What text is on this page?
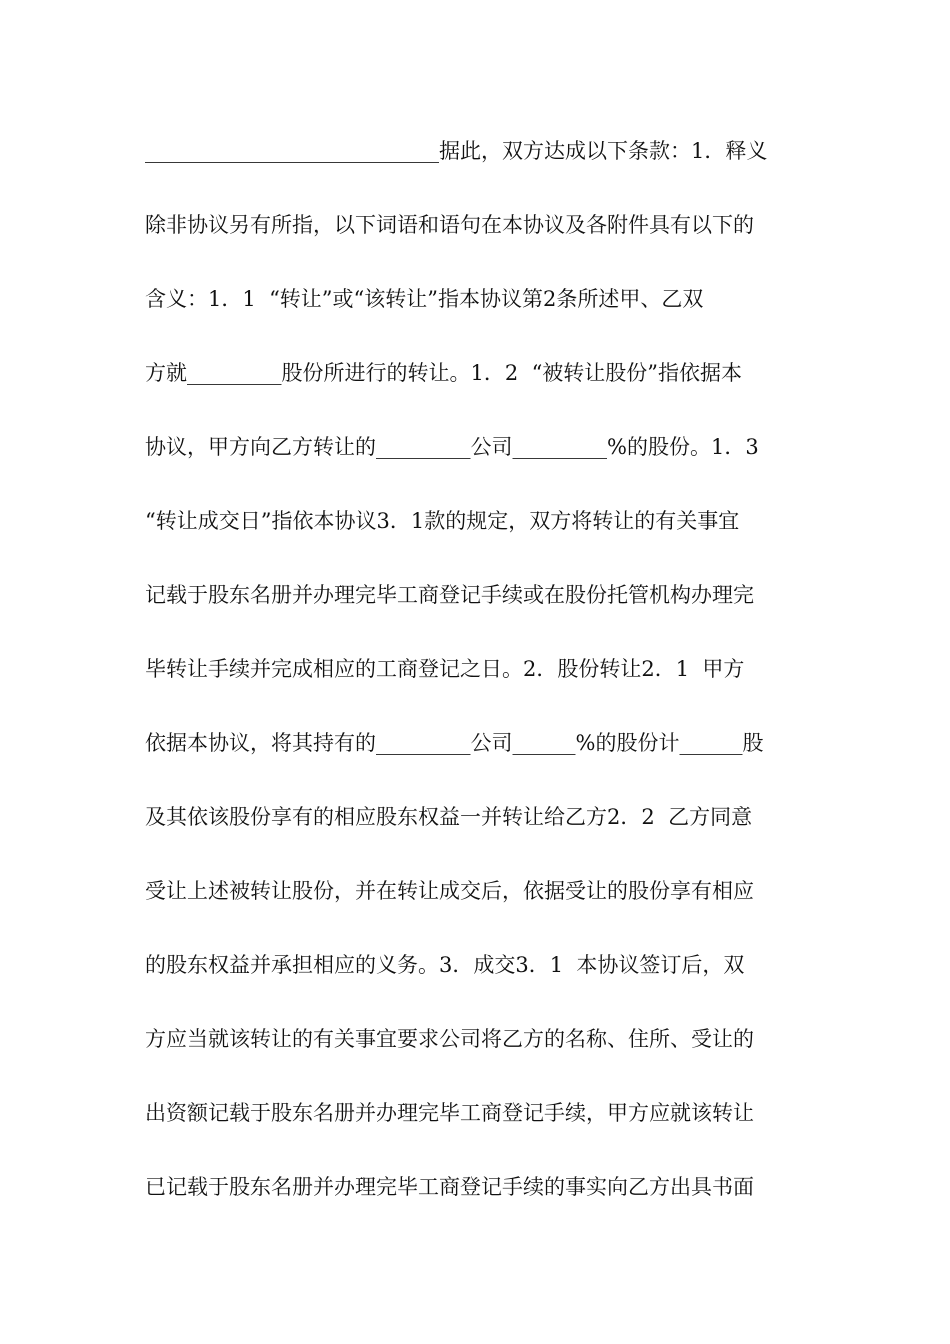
____________________________据此，双方达成以下条款：1．释义
除非协议另有所指，以下词语和语句在本协议及各附件具有以下的
含义：1．1  “转让”或“该转让”指本协议第2条所述甲、乙双
方就_________股份所进行的转让。1．2  “被转让股份”指依据本
协议，甲方向乙方转让的_________公司_________%的股份。1．3
“转让成交日”指依本协议3．1款的规定，双方将转让的有关事宜
记载于股东名册并办理完毕工商登记手续或在股份托管机构办理完
毕转让手续并完成相应的工商登记之日。2．股份转让2．1  甲方
依据本协议，将其持有的_________公司______%的股份计______股
及其依该股份享有的相应股东权益一并转让给乙方2．2  乙方同意
受让上述被转让股份，并在转让成交后，依据受让的股份享有相应
的股东权益并承担相应的义务。3．成交3．1  本协议签订后，双
方应当就该转让的有关事宜要求公司将乙方的名称、住所、受让的
出资额记载于股东名册并办理完毕工商登记手续，甲方应就该转让
已记载于股东名册并办理完毕工商登记手续的事实向乙方出具书面
